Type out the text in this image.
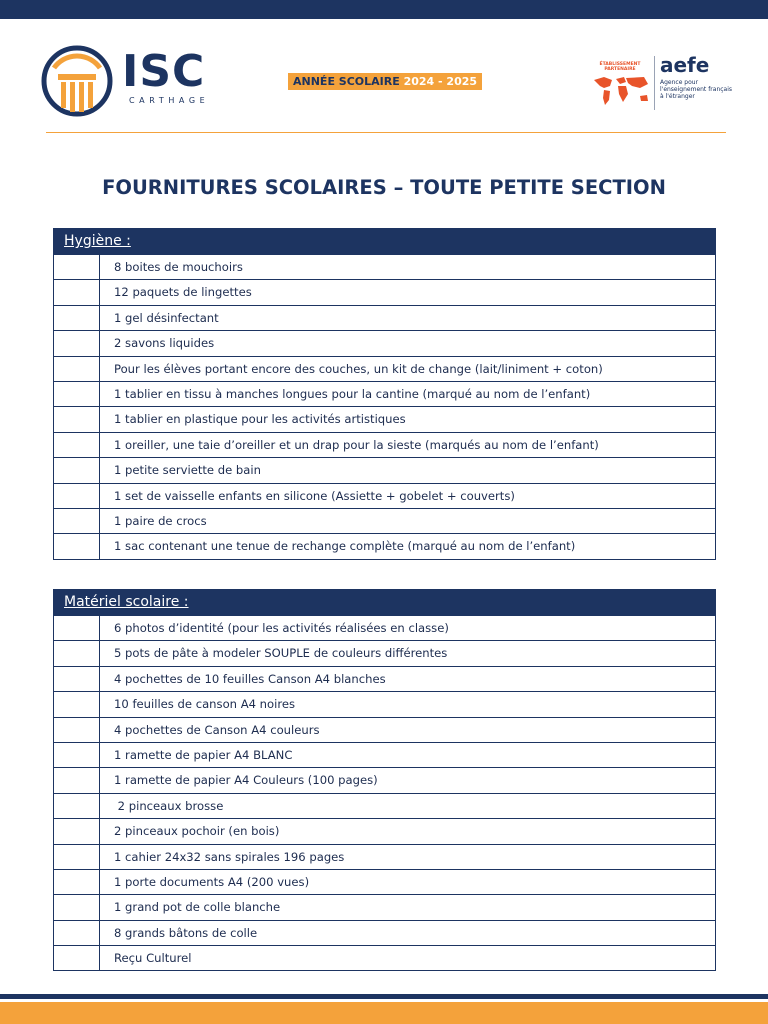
ISC
CARTHAGE
ANNÉE SCOLAIRE 2024 - 2025
ÉTABLISSEMENT PARTENAIRE	aefe
Agence pour l'enseignement français à l'étranger
FOURNITURES SCOLAIRES – TOUTE PETITE SECTION
Hygiène :
8 boites de mouchoirs
12 paquets de lingettes
1 gel désinfectant
2 savons liquides
Pour les élèves portant encore des couches, un kit de change (lait/liniment + coton)
1 tablier en tissu à manches longues pour la cantine (marqué au nom de l’enfant)
1 tablier en plastique pour les activités artistiques
1 oreiller, une taie d’oreiller et un drap pour la sieste (marqués au nom de l’enfant)
1 petite serviette de bain
1 set de vaisselle enfants en silicone (Assiette + gobelet + couverts)
1 paire de crocs
1 sac contenant une tenue de rechange complète (marqué au nom de l’enfant)
Matériel scolaire :
6 photos d’identité (pour les activités réalisées en classe)
5 pots de pâte à modeler SOUPLE de couleurs différentes
4 pochettes de 10 feuilles Canson A4 blanches
10 feuilles de canson A4 noires
4 pochettes de Canson A4 couleurs
1 ramette de papier A4 BLANC
1 ramette de papier A4 Couleurs (100 pages)
2 pinceaux brosse
2 pinceaux pochoir (en bois)
1 cahier 24x32 sans spirales 196 pages
1 porte documents A4 (200 vues)
1 grand pot de colle blanche
8 grands bâtons de colle
Reçu Culturel
